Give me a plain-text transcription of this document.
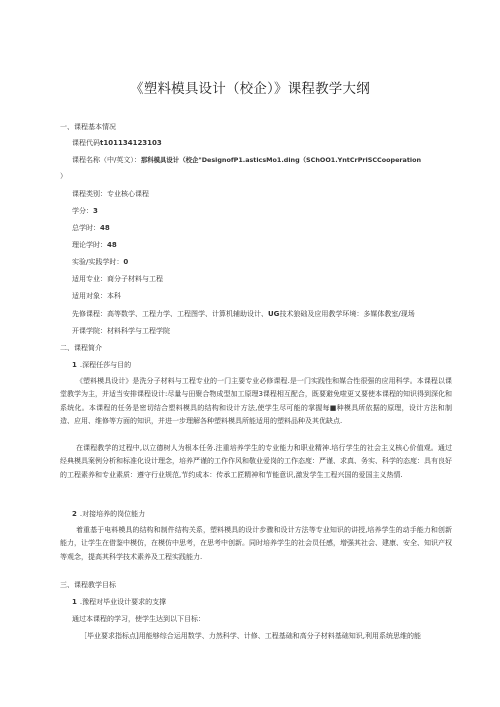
《塑料模具设计（校企）》课程教学大纲
一、课程基本情况
课程代码t101134123103
课程名称（中/英文）：那科模具设计（校企"DesignofP1.asticsMo1.ding（SChOO1.YntCrPriSCCooperation
）
课程类别：专业核心课程
学分：3
总学时：48
理论学时：48
实验/实践学时：0
适用专业：商分子材料与工程
适用对象：本科
先修课程：高等数学、工程力学、工程图学、计算机辅助设计、UG技术狼础及应用教学环境：多媒体教室/现场
开课学院：材料科学与工程学院
二、课程简介
1 .深程任莎与目的
《塑料模具设计》是洗分子材料与工程专业的一门主要专业必修课程.是一门实践性和媒合性很强的应用科学。本课程以课堂教学为主，并适当安排课程设计:尽量与田聚合物成型加工原理3课程相互配合，既要避免啦更又要使本课程的知识得到深化和系统化。本课程的任务是密切结合塑料模具的结构和设计方法,使学生尽可能的掌握每■种模具所依据的原理，设计方法和制造、应用、维修等方面的知识，并进一步理解各种塑料模具所能适用的塑料品种及其优缺点.
在课程教学的过程中,以立德树人为根本任务.注重培养学生的专业能力和职业精神.培行学生的社会主义核心价值观。通过经典模具案例分析和标准化设计理念，培养严谨的工作作风和敬业爱岗的工作态度：严谨、求真、务实、科学的态度：具有良好的工程素养和专业素质：遵守行业规范,节约成本：传承工匠精神和节能意识,激发学生工程兴国的爱国主义热情.
2 .对接培养的岗位能力
着重基于电料模具的结构和制件结构关系，塑料模具的设计步骤和设计方法等专业知识的讲授,培养学生的动手能力和创新能力，让学生在借鉴中模仿，在模仿中思考，在思考中创新。同时培养学生的社会员任感，增强其社会、建康、安全、知识产权等观念，提高其科学技术素养及工程实践能力.
三、课程教学目标
1 .豫程对毕业设计要求的支撑
通过本课程的学习，使学生达到以下目标：
［毕业要求指标点]用能够综合运用数学、力然科学、计修、工程基础和高分子材料基础知识,利用系统思维的能
